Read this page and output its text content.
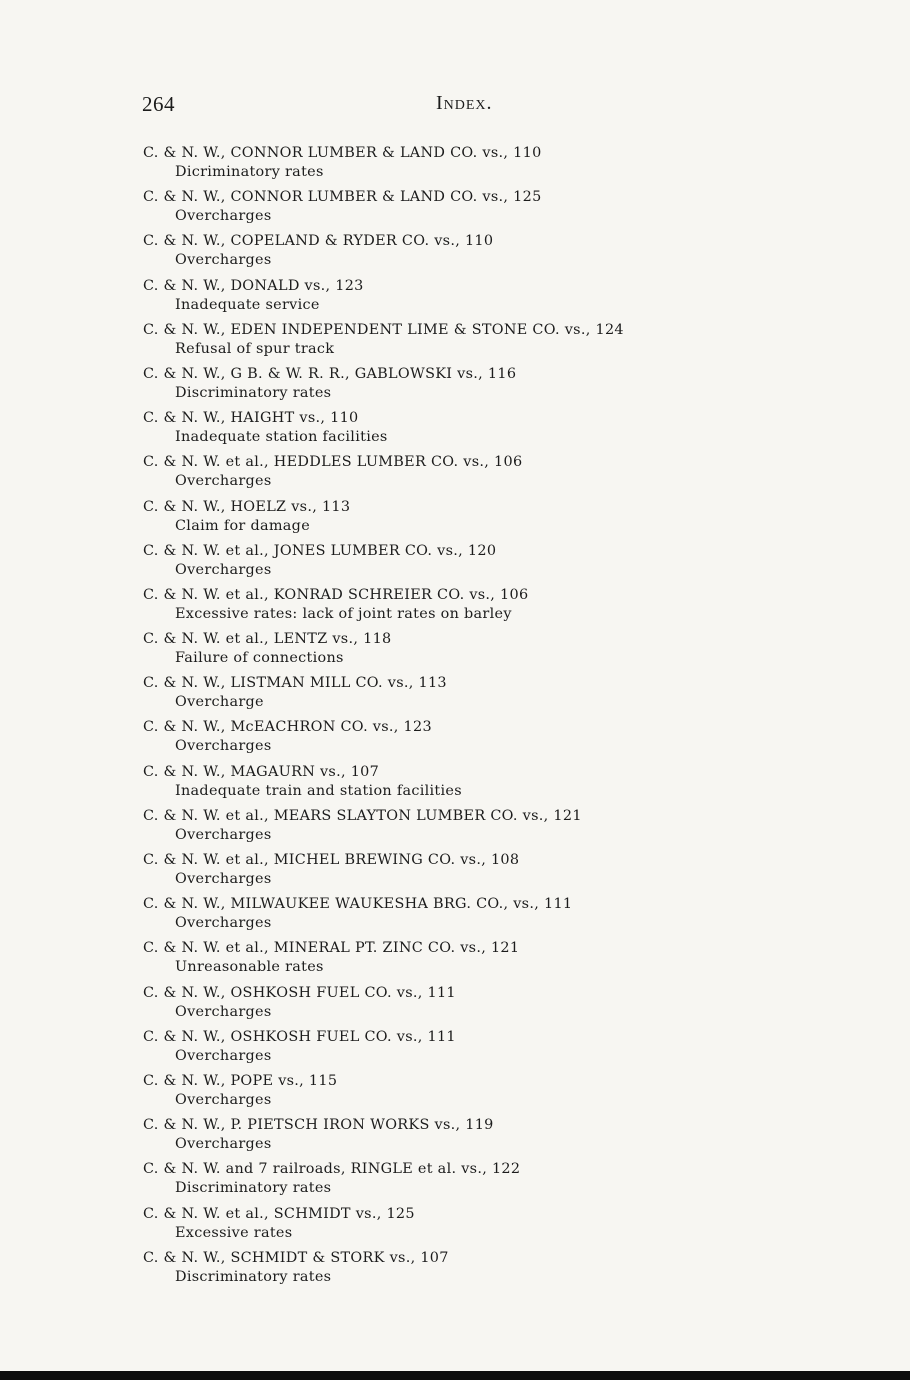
264	Index.
C. & N. W., CONNOR LUMBER & LAND CO. vs., 110
Dicriminatory rates
C. & N. W., CONNOR LUMBER & LAND CO. vs., 125
Overcharges
C. & N. W., COPELAND & RYDER CO. vs., 110
Overcharges
C. & N. W., DONALD vs., 123
Inadequate service
C. & N. W., EDEN INDEPENDENT LIME & STONE CO. vs., 124
Refusal of spur track
C. & N. W., G B. & W. R. R., GABLOWSKI vs., 116
Discriminatory rates
C. & N. W., HAIGHT vs., 110
Inadequate station facilities
C. & N. W. et al., HEDDLES LUMBER CO. vs., 106
Overcharges
C. & N. W., HOELZ vs., 113
Claim for damage
C. & N. W. et al., JONES LUMBER CO. vs., 120
Overcharges
C. & N. W. et al., KONRAD SCHREIER CO. vs., 106
Excessive rates: lack of joint rates on barley
C. & N. W. et al., LENTZ vs., 118
Failure of connections
C. & N. W., LISTMAN MILL CO. vs., 113
Overcharge
C. & N. W., McEACHRON CO. vs., 123
Overcharges
C. & N. W., MAGAURN vs., 107
Inadequate train and station facilities
C. & N. W. et al., MEARS SLAYTON LUMBER CO. vs., 121
Overcharges
C. & N. W. et al., MICHEL BREWING CO. vs., 108
Overcharges
C. & N. W., MILWAUKEE WAUKESHA BRG. CO., vs., 111
Overcharges
C. & N. W. et al., MINERAL PT. ZINC CO. vs., 121
Unreasonable rates
C. & N. W., OSHKOSH FUEL CO. vs., 111
Overcharges
C. & N. W., OSHKOSH FUEL CO. vs., 111
Overcharges
C. & N. W., POPE vs., 115
Overcharges
C. & N. W., P. PIETSCH IRON WORKS vs., 119
Overcharges
C. & N. W. and 7 railroads, RINGLE et al. vs., 122
Discriminatory rates
C. & N. W. et al., SCHMIDT vs., 125
Excessive rates
C. & N. W., SCHMIDT & STORK vs., 107
Discriminatory rates
